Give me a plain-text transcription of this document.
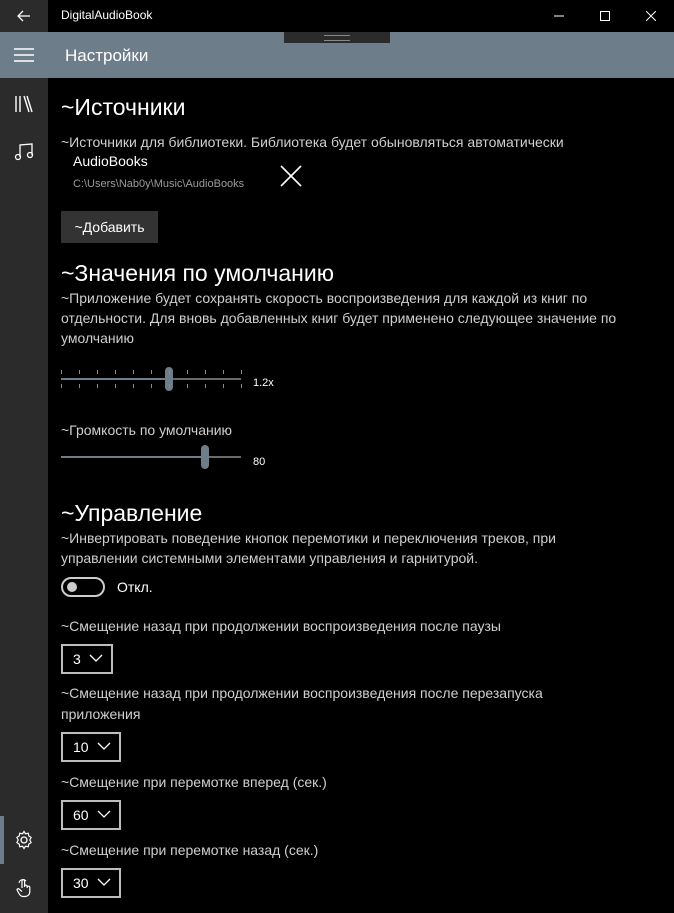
DigitalAudioBook
Настройки
~Источники
~Источники для библиотеки. Библиотека будет обыновляться автоматически
AudioBooks
C:\Users\Nab0y\Music\AudioBooks
~Добавить
~Значения по умолчанию
~Приложение будет сохранять скорость воспроизведения для каждой из книг по
отдельности. Для вновь добавленных книг будет применено следующее значение по
умолчанию
1.2x
~Громкость по умолчанию
80
~Управление
~Инвертировать поведение кнопок перемотики и переключения треков, при
управлении системными элементами управления и гарнитурой.
Откл.
~Смещение назад при продолжении воспроизведения после паузы
3
~Смещение назад при продолжении воспроизведения после перезапуска
приложения
10
~Смещение при перемотке вперед (сек.)
60
~Смещение при перемотке назад (сек.)
30
